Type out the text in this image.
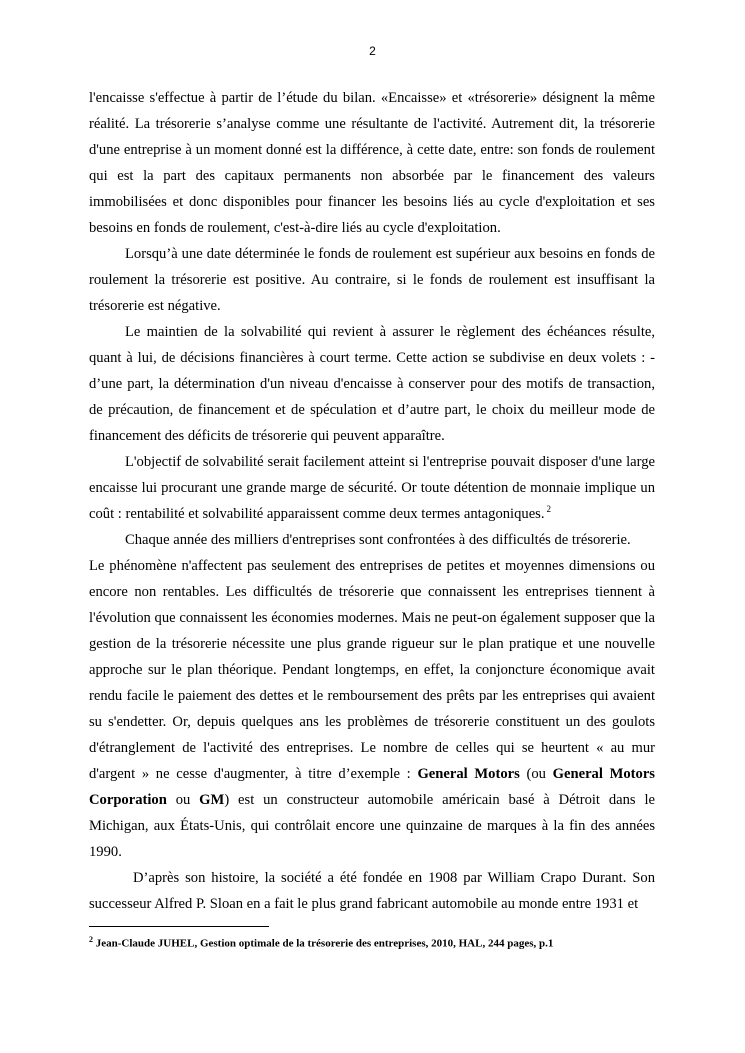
2

l'encaisse s'effectue à partir de l’étude du bilan. «Encaisse» et «trésorerie» désignent la même réalité. La trésorerie s’analyse comme une résultante de l'activité. Autrement dit, la trésorerie d'une entreprise à un moment donné est la différence, à cette date, entre: son fonds de roulement qui est la part des capitaux permanents non absorbée par le financement des valeurs immobilisées et donc disponibles pour financer les besoins liés au cycle d'exploitation et ses besoins en fonds de roulement, c'est-à-dire liés au cycle d'exploitation.

Lorsqu’à une date déterminée le fonds de roulement est supérieur aux besoins en fonds de roulement la trésorerie est positive. Au contraire, si le fonds de roulement est insuffisant la trésorerie est négative.

Le maintien de la solvabilité qui revient à assurer le règlement des échéances résulte, quant à lui, de décisions financières à court terme. Cette action se subdivise en deux volets : -d’une part, la détermination d'un niveau d'encaisse à conserver pour des motifs de transaction, de précaution, de financement et de spéculation et d’autre part, le choix du meilleur mode de financement des déficits de trésorerie qui peuvent apparaître.

L'objectif de solvabilité serait facilement atteint si l'entreprise pouvait disposer d'une large encaisse lui procurant une grande marge de sécurité. Or toute détention de monnaie implique un coût : rentabilité et solvabilité apparaissent comme deux termes antagoniques. $^2$

Chaque année des milliers d'entreprises sont confrontées à des difficultés de trésorerie.

Le phénomène n'affectent pas seulement des entreprises de petites et moyennes dimensions ou encore non rentables. Les difficultés de trésorerie que connaissent les entreprises tiennent à l'évolution que connaissent les économies modernes. Mais ne peut-on également supposer que la gestion de la trésorerie nécessite une plus grande rigueur sur le plan pratique et une nouvelle approche sur le plan théorique. Pendant longtemps, en effet, la conjoncture économique avait rendu facile le paiement des dettes et le remboursement des prêts par les entreprises qui avaient su s'endetter. Or, depuis quelques ans les problèmes de trésorerie constituent un des goulots d'étranglement de l'activité des entreprises. Le nombre de celles qui se heurtent « au mur d'argent » ne cesse d'augmenter, à titre d’exemple : General Motors (ou General Motors Corporation ou GM) est un constructeur automobile américain basé à Détroit dans le Michigan, aux États-Unis, qui contrôlait encore une quinzaine de marques à la fin des années 1990.

D’après son histoire, la société a été fondée en 1908 par William Crapo Durant. Son successeur Alfred P. Sloan en a fait le plus grand fabricant automobile au monde entre 1931 et

$^2$ Jean-Claude JUHEL, Gestion optimale de la trésorerie des entreprises, 2010, HAL, 244 pages, p.1
